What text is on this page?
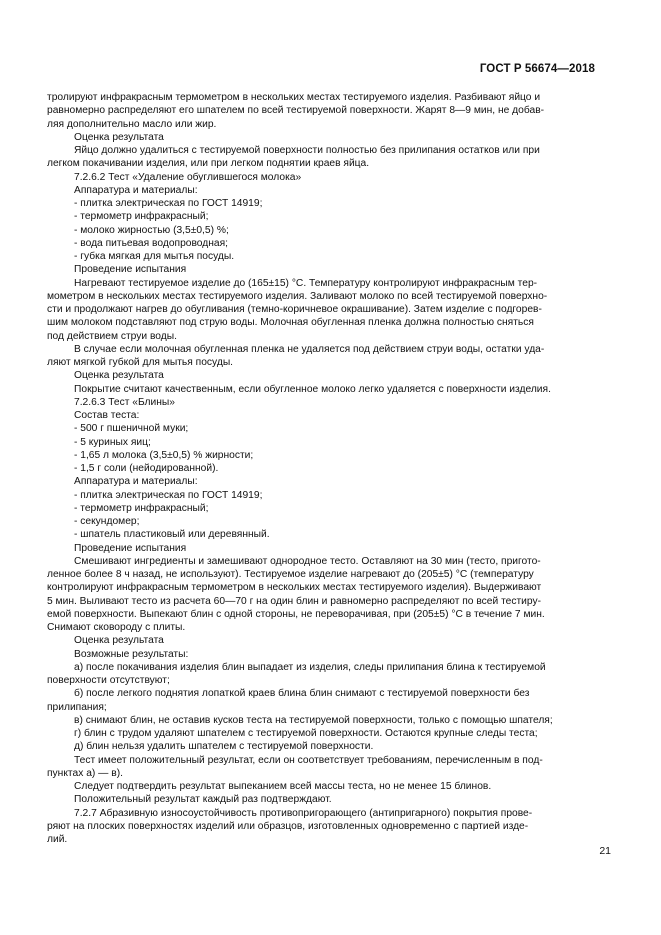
ГОСТ Р 56674—2018

тролируют инфракрасным термометром в нескольких местах тестируемого изделия. Разбивают яйцо и

равномерно распределяют его шпателем по всей тестируемой поверхности. Жарят 8—9 мин, не добав-

ляя дополнительно масло или жир.

Оценка результата

Яйцо должно удалиться с тестируемой поверхности полностью без прилипания остатков или при

легком покачивании изделия, или при легком поднятии краев яйца.

7.2.6.2 Тест «Удаление обуглившегося молока»

Аппаратура и материалы:

- плитка электрическая по ГОСТ 14919;

- термометр инфракрасный;

- молоко жирностью (3,5±0,5) %;

- вода питьевая водопроводная;

- губка мягкая для мытья посуды.

Проведение испытания

Нагревают тестируемое изделие до (165±15) °С. Температуру контролируют инфракрасным тер-

мометром в нескольких местах тестируемого изделия. Заливают молоко по всей тестируемой поверхно-

сти и продолжают нагрев до обугливания (темно-коричневое окрашивание). Затем изделие с подгорев-

шим молоком подставляют под струю воды. Молочная обугленная пленка должна полностью сняться

под действием струи воды.

В случае если молочная обугленная пленка не удаляется под действием струи воды, остатки уда-

ляют мягкой губкой для мытья посуды.

Оценка результата

Покрытие считают качественным, если обугленное молоко легко удаляется с поверхности изделия.

7.2.6.3 Тест «Блины»

Состав теста:

- 500 г пшеничной муки;

- 5 куриных яиц;

- 1,65 л молока (3,5±0,5) % жирности;

- 1,5 г соли (нейодированной).

Аппаратура и материалы:

- плитка электрическая по ГОСТ 14919;

- термометр инфракрасный;

- секундомер;

- шпатель пластиковый или деревянный.

Проведение испытания

Смешивают ингредиенты и замешивают однородное тесто. Оставляют на 30 мин (тесто, пригото-

ленное более 8 ч назад, не используют). Тестируемое изделие нагревают до (205±5) °С (температуру

контролируют инфракрасным термометром в нескольких местах тестируемого изделия). Выдерживают

5 мин. Выливают тесто из расчета 60—70 г на один блин и равномерно распределяют по всей тестиру-

емой поверхности. Выпекают блин с одной стороны, не переворачивая, при (205±5) °С в течение 7 мин.

Снимают сковороду с плиты.

Оценка результата

Возможные результаты:

а) после покачивания изделия блин выпадает из изделия, следы прилипания блина к тестируемой

поверхности отсутствуют;

б) после легкого поднятия лопаткой краев блина блин снимают с тестируемой поверхности без

прилипания;

в) снимают блин, не оставив кусков теста на тестируемой поверхности, только с помощью шпателя;

г) блин с трудом удаляют шпателем с тестируемой поверхности. Остаются крупные следы теста;

д) блин нельзя удалить шпателем с тестируемой поверхности.

Тест имеет положительный результат, если он соответствует требованиям, перечисленным в под-

пунктах а) — в).

Следует подтвердить результат выпеканием всей массы теста, но не менее 15 блинов.

Положительный результат каждый раз подтверждают.

7.2.7 Абразивную износоустойчивость противопригорающего (антипригарного) покрытия прове-

ряют на плоских поверхностях изделий или образцов, изготовленных одновременно с партией изде-

лий.

21
